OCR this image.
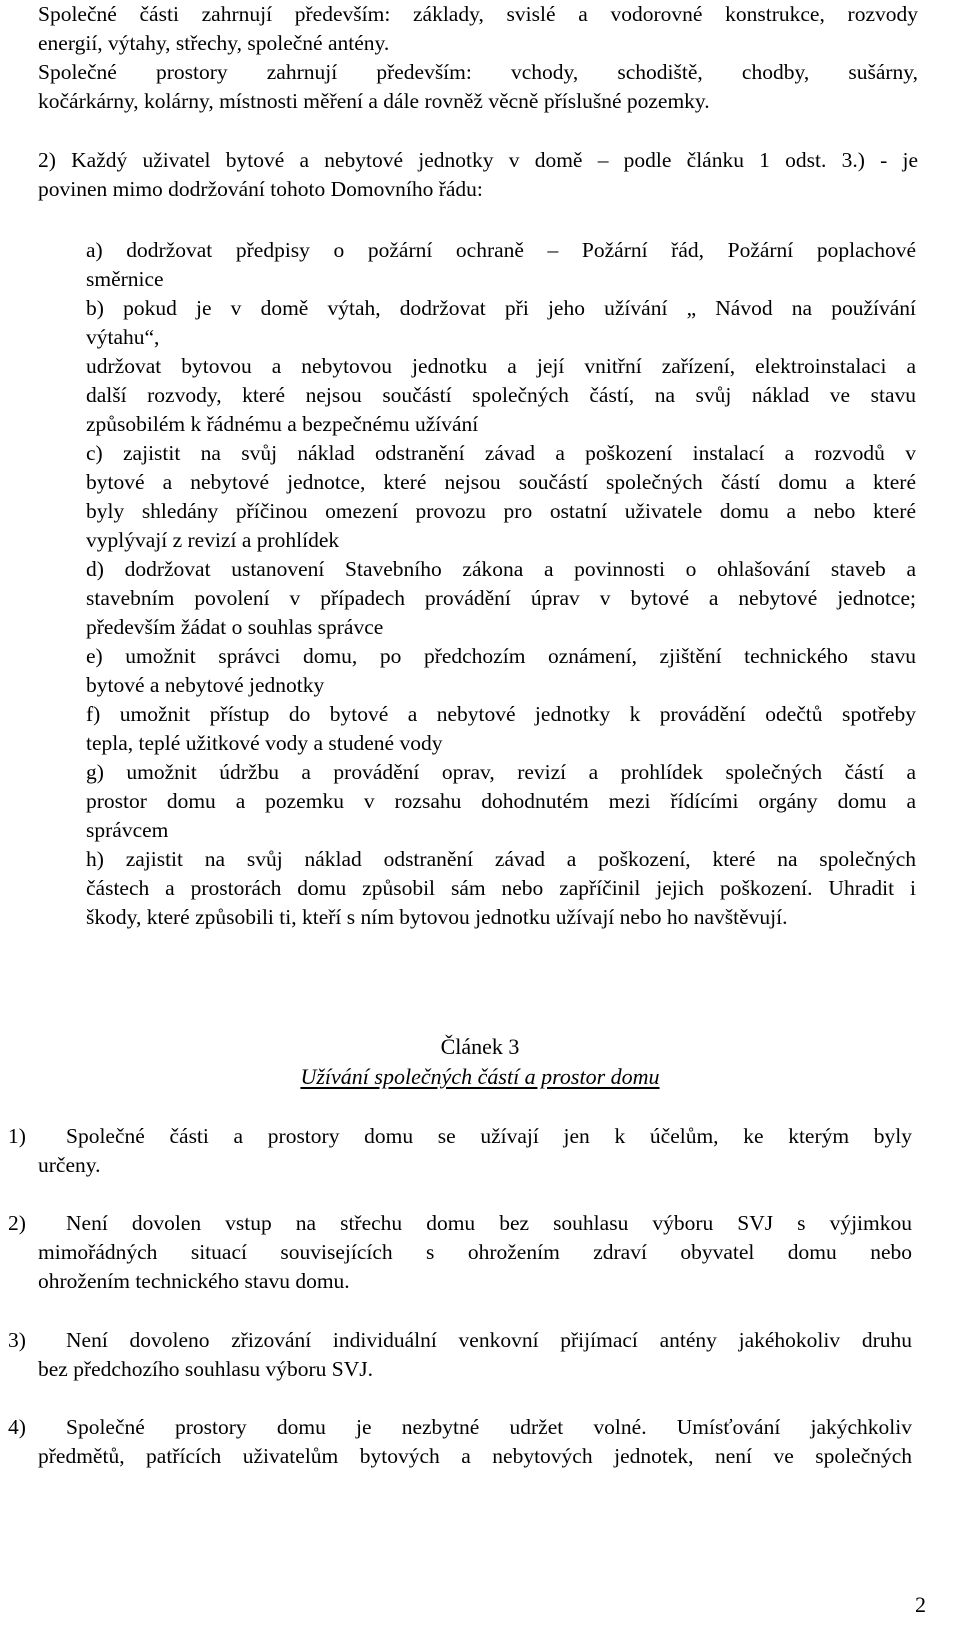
Společné části zahrnují především: základy, svislé a vodorovné konstrukce, rozvody
energií, výtahy, střechy, společné antény.
Společné prostory zahrnují především: vchody, schodiště, chodby, sušárny,
kočárkárny, kolárny, místnosti měření a dále rovněž věcně příslušné pozemky.
2) Každý uživatel bytové a nebytové jednotky v domě – podle článku 1 odst. 3.) - je
povinen mimo dodržování tohoto Domovního řádu:
a) dodržovat předpisy o požární ochraně – Požární řád, Požární poplachové
směrnice
b) pokud je v domě výtah, dodržovat při jeho užívání „ Návod na používání
výtahu“,
udržovat bytovou a nebytovou jednotku a její vnitřní zařízení, elektroinstalaci a
další rozvody, které nejsou součástí společných částí, na svůj náklad ve stavu
způsobilém k řádnému a bezpečnému užívání
c) zajistit na svůj náklad odstranění závad a poškození instalací a rozvodů v
bytové a nebytové jednotce, které nejsou součástí společných částí domu a které
byly shledány příčinou omezení provozu pro ostatní uživatele domu a nebo které
vyplývají z revizí a prohlídek
d) dodržovat ustanovení Stavebního zákona a povinnosti o ohlašování staveb a
stavebním povolení v případech provádění úprav v bytové a nebytové jednotce;
především žádat o souhlas správce
e) umožnit správci domu, po předchozím oznámení, zjištění technického stavu
bytové a nebytové jednotky
f) umožnit přístup do bytové a nebytové jednotky k provádění odečtů spotřeby
tepla, teplé užitkové vody a studené vody
g) umožnit údržbu a provádění oprav, revizí a prohlídek společných částí a
prostor domu a pozemku v rozsahu dohodnutém mezi řídícími orgány domu a
správcem
h) zajistit na svůj náklad odstranění závad a poškození, které na společných
částech a prostorách domu způsobil sám nebo zapříčinil jejich poškození. Uhradit i
škody, které způsobili ti, kteří s ním bytovou jednotku užívají nebo ho navštěvují.
Článek 3
Užívání společných částí a prostor domu
1) Společné části a prostory domu se užívají jen k účelům, ke kterým byly
určeny.
2) Není dovolen vstup na střechu domu bez souhlasu výboru SVJ s výjimkou
mimořádných situací souvisejících s ohrožením zdraví obyvatel domu nebo
ohrožením technického stavu domu.
3) Není dovoleno zřizování individuální venkovní přijímací antény jakéhokoliv druhu
bez předchozího souhlasu výboru SVJ.
4) Společné prostory domu je nezbytné udržet volné. Umísťování jakýchkoliv
předmětů, patřících uživatelům bytových a nebytových jednotek, není ve společných
2
